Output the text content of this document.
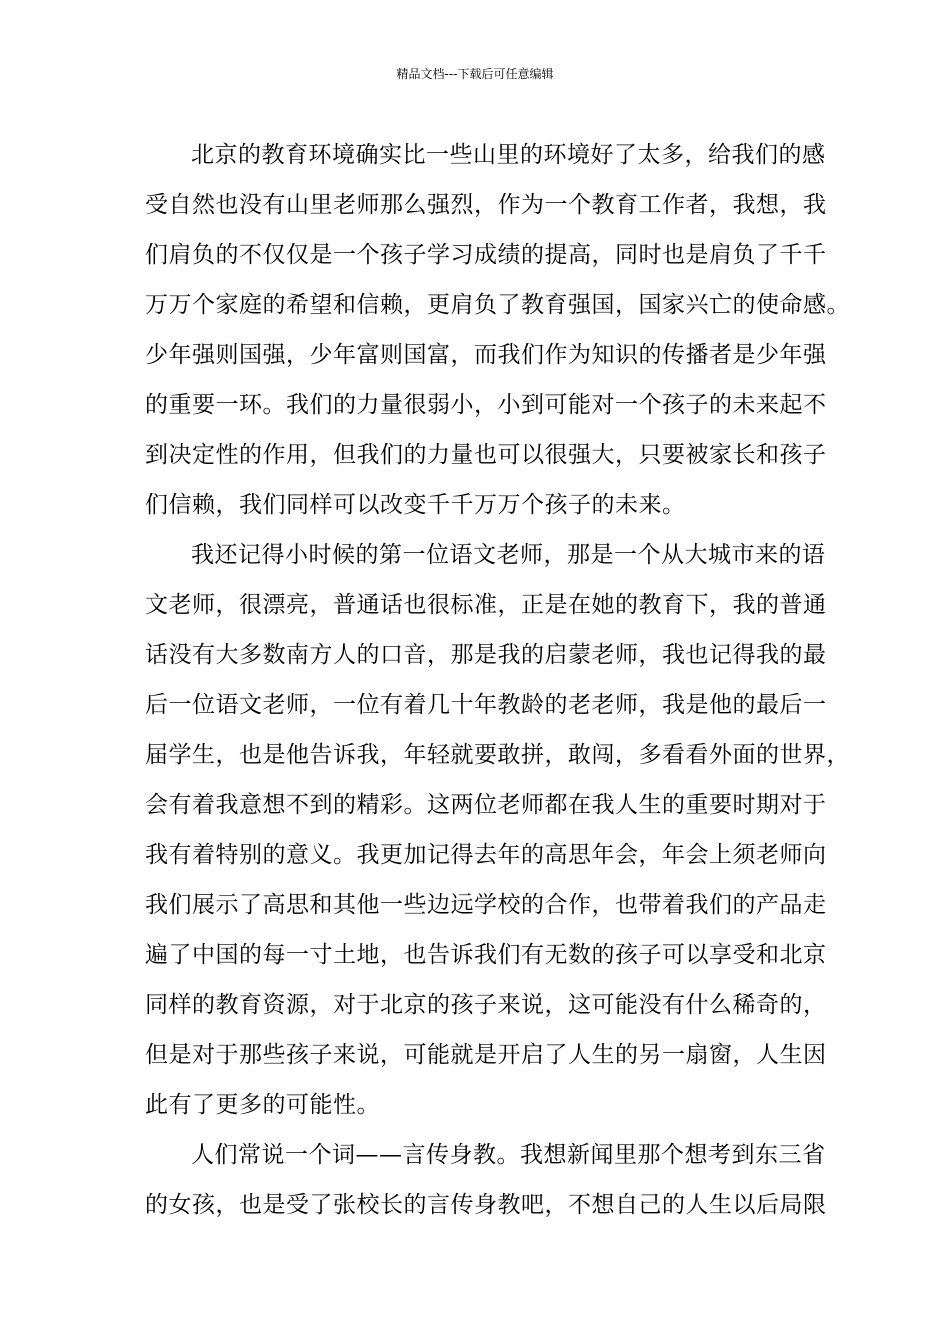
精品文档---下载后可任意编辑
北京的教育环境确实比一些山里的环境好了太多，给我们的感
受自然也没有山里老师那么强烈，作为一个教育工作者，我想，我
们肩负的不仅仅是一个孩子学习成绩的提高，同时也是肩负了千千
万万个家庭的希望和信赖，更肩负了教育强国，国家兴亡的使命感。
少年强则国强，少年富则国富，而我们作为知识的传播者是少年强
的重要一环。我们的力量很弱小，小到可能对一个孩子的未来起不
到决定性的作用，但我们的力量也可以很强大，只要被家长和孩子
们信赖，我们同样可以改变千千万万个孩子的未来。
我还记得小时候的第一位语文老师，那是一个从大城市来的语
文老师，很漂亮，普通话也很标准，正是在她的教育下，我的普通
话没有大多数南方人的口音，那是我的启蒙老师，我也记得我的最
后一位语文老师，一位有着几十年教龄的老老师，我是他的最后一
届学生，也是他告诉我，年轻就要敢拼，敢闯，多看看外面的世界，
会有着我意想不到的精彩。这两位老师都在我人生的重要时期对于
我有着特别的意义。我更加记得去年的高思年会，年会上须老师向
我们展示了高思和其他一些边远学校的合作，也带着我们的产品走
遍了中国的每一寸土地，也告诉我们有无数的孩子可以享受和北京
同样的教育资源，对于北京的孩子来说，这可能没有什么稀奇的，
但是对于那些孩子来说，可能就是开启了人生的另一扇窗，人生因
此有了更多的可能性。
人们常说一个词——言传身教。我想新闻里那个想考到东三省
的女孩，也是受了张校长的言传身教吧，不想自己的人生以后局限
